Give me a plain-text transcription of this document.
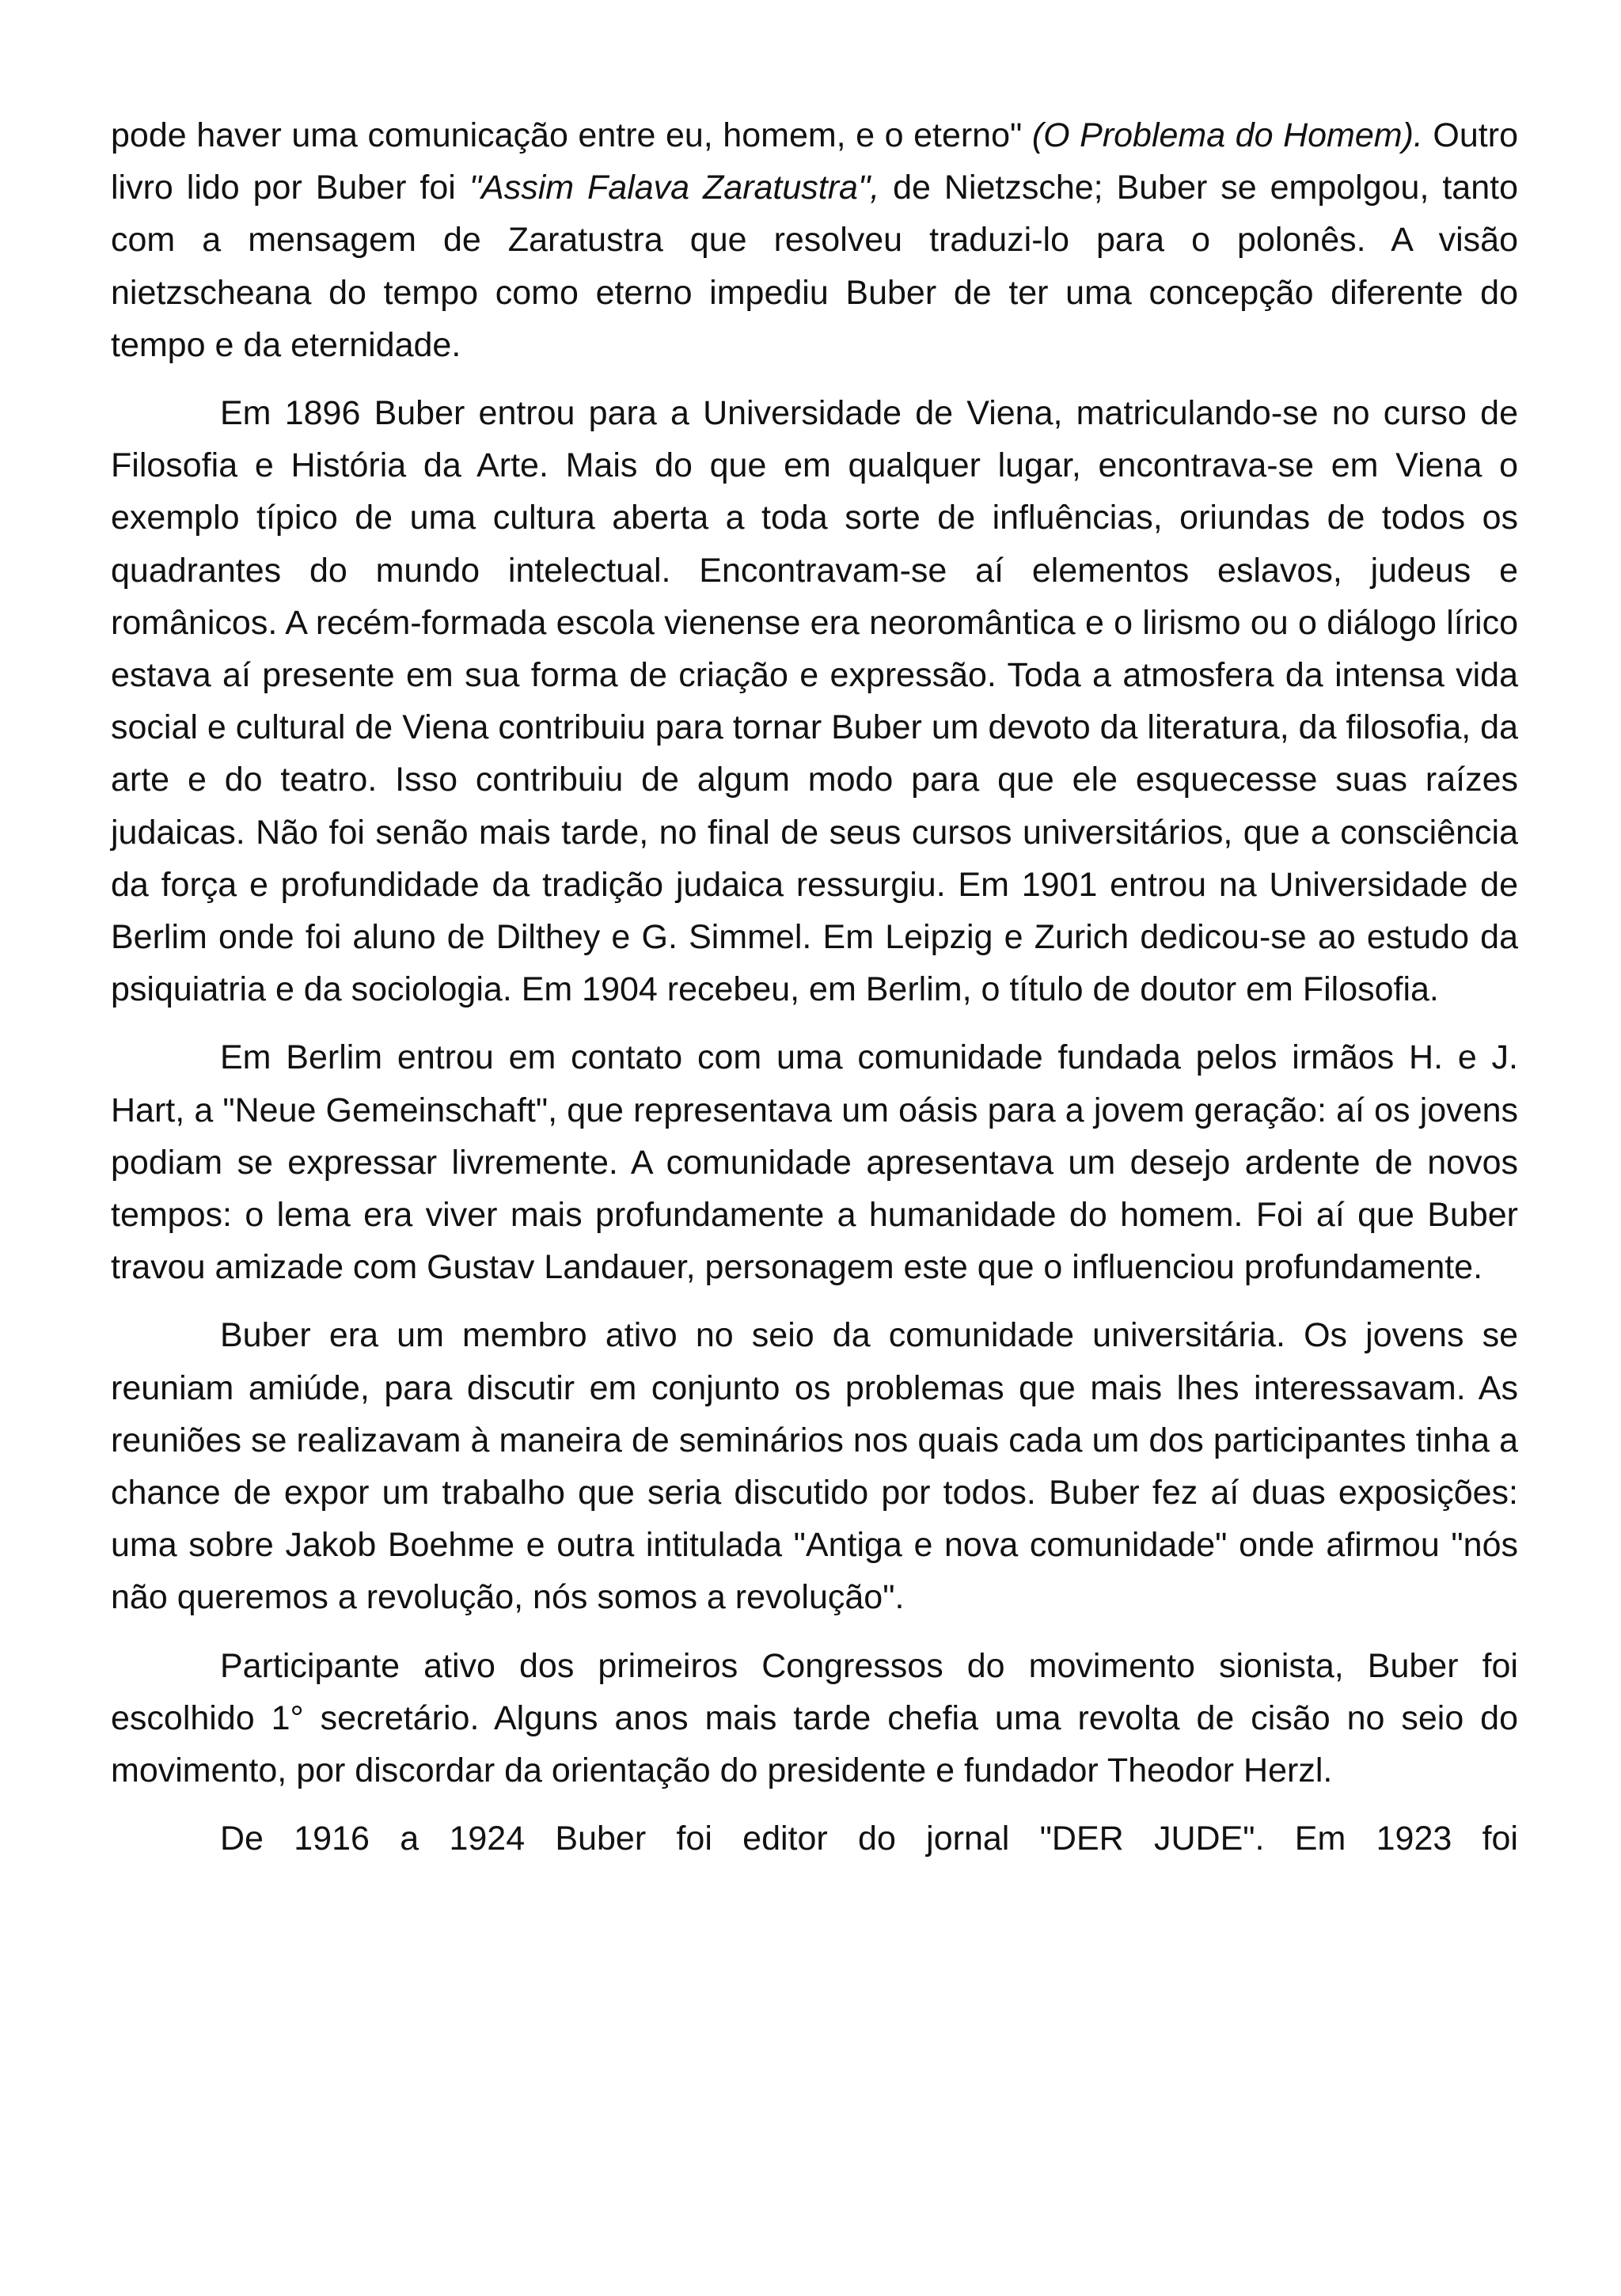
pode haver uma comunicação entre eu, homem, e o eterno" (O Problema do Homem). Outro livro lido por Buber foi "Assim Falava Zaratustra", de Nietzsche; Buber se empolgou, tanto com a mensagem de Zaratustra que resolveu traduzi-lo para o polonês. A visão nietzscheana do tempo como eterno impediu Buber de ter uma concepção diferente do tempo e da eternidade.

Em 1896 Buber entrou para a Universidade de Viena, matriculando-se no curso de Filosofia e História da Arte. Mais do que em qualquer lugar, encontrava-se em Viena o exemplo típico de uma cultura aberta a toda sorte de influências, oriundas de todos os quadrantes do mundo intelectual. Encontravam-se aí elementos eslavos, judeus e românicos. A recém-formada escola vienense era neoromântica e o lirismo ou o diálogo lírico estava aí presente em sua forma de criação e expressão. Toda a atmosfera da intensa vida social e cultural de Viena contribuiu para tornar Buber um devoto da literatura, da filosofia, da arte e do teatro. Isso contribuiu de algum modo para que ele esquecesse suas raízes judaicas. Não foi senão mais tarde, no final de seus cursos universitários, que a consciência da força e profundidade da tradição judaica ressurgiu. Em 1901 entrou na Universidade de Berlim onde foi aluno de Dilthey e G. Simmel. Em Leipzig e Zurich dedicou-se ao estudo da psiquiatria e da sociologia. Em 1904 recebeu, em Berlim, o título de doutor em Filosofia.

Em Berlim entrou em contato com uma comunidade fundada pelos irmãos H. e J. Hart, a "Neue Gemeinschaft", que representava um oásis para a jovem geração: aí os jovens podiam se expressar livremente. A comunidade apresentava um desejo ardente de novos tempos: o lema era viver mais profundamente a humanidade do homem. Foi aí que Buber travou amizade com Gustav Landauer, personagem este que o influenciou profundamente.

Buber era um membro ativo no seio da comunidade universitária. Os jovens se reuniam amiúde, para discutir em conjunto os problemas que mais lhes interessavam. As reuniões se realizavam à maneira de seminários nos quais cada um dos participantes tinha a chance de expor um trabalho que seria discutido por todos. Buber fez aí duas exposições: uma sobre Jakob Boehme e outra intitulada "Antiga e nova comunidade" onde afirmou "nós não queremos a revolução, nós somos a revolução".

Participante ativo dos primeiros Congressos do movimento sionista, Buber foi escolhido 1° secretário. Alguns anos mais tarde chefia uma revolta de cisão no seio do movimento, por discordar da orientação do presidente e fundador Theodor Herzl.

De 1916 a 1924 Buber foi editor do jornal "DER JUDE". Em 1923 foi
